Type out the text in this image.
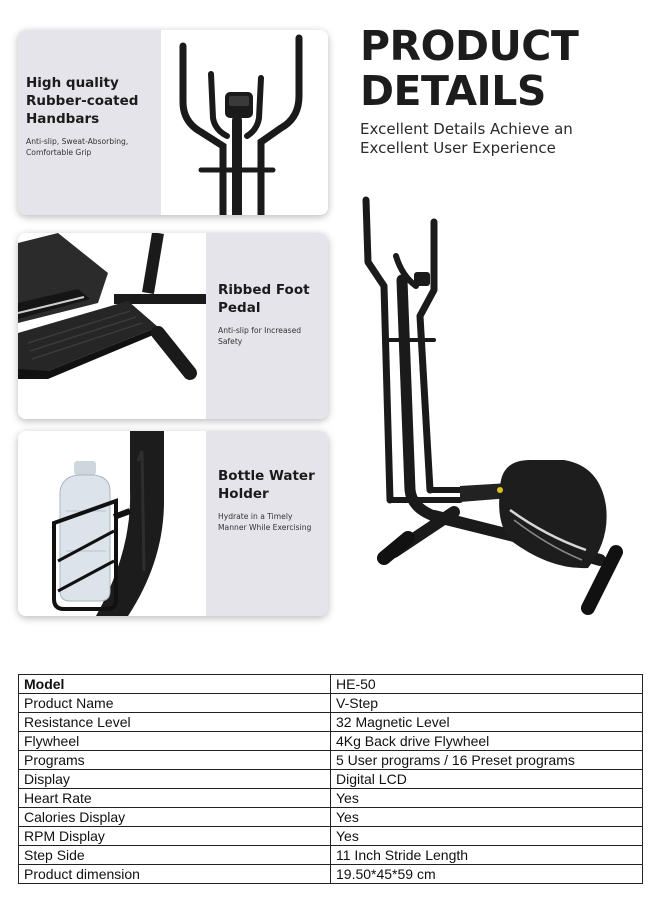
High quality
Rubber-coated
Handbars

Anti-slip, Sweat-Absorbing,
Comfortable Grip

Ribbed Foot
Pedal

Anti-slip for Increased
Safety

Bottle Water
Holder

Hydrate in a Timely
Manner While Exercising

PRODUCT
DETAILS
Excellent Details Achieve an
Excellent User Experience
Model	HE-50
Product Name	V-Step
Resistance Level	32 Magnetic Level
Flywheel	4Kg Back drive Flywheel
Programs	5 User programs / 16 Preset programs
Display	Digital LCD
Heart Rate	Yes
Calories Display	Yes
RPM Display	Yes
Step Side	11 Inch Stride Length
Product dimension	19.50*45*59 cm
